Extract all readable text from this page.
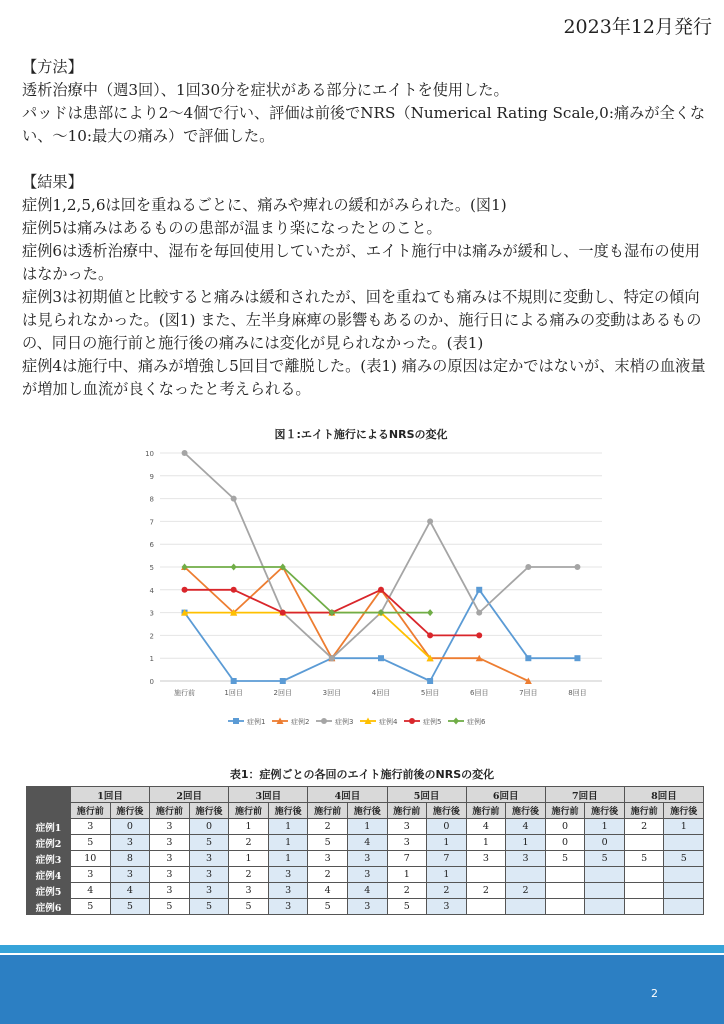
2023年12月発行

【方法】

透析治療中（週3回）、1回30分を症状がある部分にエイトを使用した。

パッドは患部により2〜4個で行い、評価は前後でNRS（Numerical Rating Scale,0:痛みが全くない、〜10:最大の痛み）で評価した。

【結果】

症例1,2,5,6は回を重ねるごとに、痛みや痺れの緩和がみられた。(図1)

症例5は痛みはあるものの患部が温まり楽になったとのこと。

症例6は透析治療中、湿布を毎回使用していたが、エイト施行中は痛みが緩和し、一度も湿布の使用はなかった。

症例3は初期値と比較すると痛みは緩和されたが、回を重ねても痛みは不規則に変動し、特定の傾向は見られなかった。(図1) また、左半身麻痺の影響もあるのか、施行日による痛みの変動はあるものの、同日の施行前と施行後の痛みには変化が見られなかった。(表1)

症例4は施行中、痛みが増強し5回目で離脱した。(表1) 痛みの原因は定かではないが、末梢の血液量が増加し血流が良くなったと考えられる。

図１:エイト施行によるNRSの変化
0
1
2
3
4
5
6
7
8
9
10
施行前	1回目	2回目	3回目	4回目	5回目	6回目	7回目	8回目
症例1	症例2	症例3	症例4	症例5	症例6
表1：症例ごとの各回のエイト施行前後のNRSの変化
	1回目		2回目		3回目		4回目		5回目		6回目		7回目		8回目	
	施行前	施行後	施行前	施行後	施行前	施行後	施行前	施行後	施行前	施行後	施行前	施行後	施行前	施行後	施行前	施行後
症例1	3	0	3	0	1	1	2	1	3	0	4	4	0	1	2	1
症例2	5	3	3	5	2	1	5	4	3	1	1	1	0	0		
症例3	10	8	3	3	1	1	3	3	7	7	3	3	5	5	5	5
症例4	3	3	3	3	2	3	2	3	1	1						
症例5	4	4	3	3	3	3	4	4	2	2	2	2				
症例6	5	5	5	5	5	3	5	3	5	3						
2
